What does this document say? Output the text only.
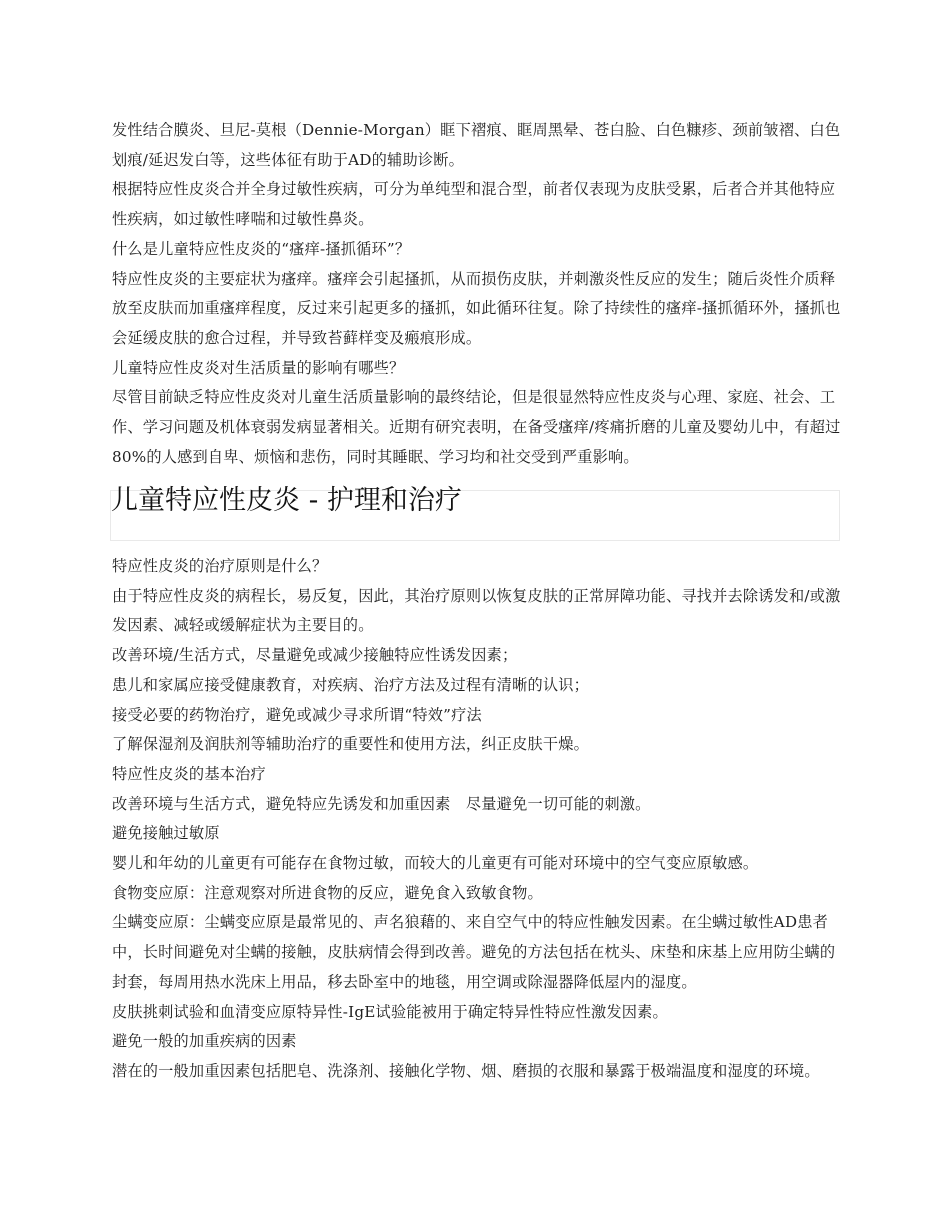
发性结合膜炎、旦尼-莫根（Dennie-Morgan）眶下褶痕、眶周黑晕、苍白脸、白色糠疹、颈前皱褶、白色划痕/延迟发白等，这些体征有助于AD的辅助诊断。

根据特应性皮炎合并全身过敏性疾病，可分为单纯型和混合型，前者仅表现为皮肤受累，后者合并其他特应性疾病，如过敏性哮喘和过敏性鼻炎。

什么是儿童特应性皮炎的“瘙痒-搔抓循环”？

特应性皮炎的主要症状为瘙痒。瘙痒会引起搔抓，从而损伤皮肤，并刺激炎性反应的发生；随后炎性介质释放至皮肤而加重瘙痒程度，反过来引起更多的搔抓，如此循环往复。除了持续性的瘙痒-搔抓循环外，搔抓也会延缓皮肤的愈合过程，并导致苔藓样变及瘢痕形成。

儿童特应性皮炎对生活质量的影响有哪些？

尽管目前缺乏特应性皮炎对儿童生活质量影响的最终结论，但是很显然特应性皮炎与心理、家庭、社会、工作、学习问题及机体衰弱发病显著相关。近期有研究表明，在备受瘙痒/疼痛折磨的儿童及婴幼儿中，有超过80%的人感到自卑、烦恼和悲伤，同时其睡眠、学习均和社交受到严重影响。

儿童特应性皮炎 - 护理和治疗

特应性皮炎的治疗原则是什么？

由于特应性皮炎的病程长，易反复，因此，其治疗原则以恢复皮肤的正常屏障功能、寻找并去除诱发和/或激发因素、减轻或缓解症状为主要目的。

改善环境/生活方式，尽量避免或减少接触特应性诱发因素；

患儿和家属应接受健康教育，对疾病、治疗方法及过程有清晰的认识；

接受必要的药物治疗，避免或减少寻求所谓“特效”疗法

了解保湿剂及润肤剂等辅助治疗的重要性和使用方法，纠正皮肤干燥。

特应性皮炎的基本治疗

改善环境与生活方式，避免特应先诱发和加重因素　尽量避免一切可能的刺激。

避免接触过敏原

婴儿和年幼的儿童更有可能存在食物过敏，而较大的儿童更有可能对环境中的空气变应原敏感。

食物变应原：注意观察对所进食物的反应，避免食入致敏食物。

尘螨变应原：尘螨变应原是最常见的、声名狼藉的、来自空气中的特应性触发因素。在尘螨过敏性AD患者中，长时间避免对尘螨的接触，皮肤病情会得到改善。避免的方法包括在枕头、床垫和床基上应用防尘螨的封套，每周用热水洗床上用品，移去卧室中的地毯，用空调或除湿器降低屋内的湿度。

皮肤挑刺试验和血清变应原特异性-IgE试验能被用于确定特异性特应性激发因素。

避免一般的加重疾病的因素

潜在的一般加重因素包括肥皂、洗涤剂、接触化学物、烟、磨损的衣服和暴露于极端温度和湿度的环境。
